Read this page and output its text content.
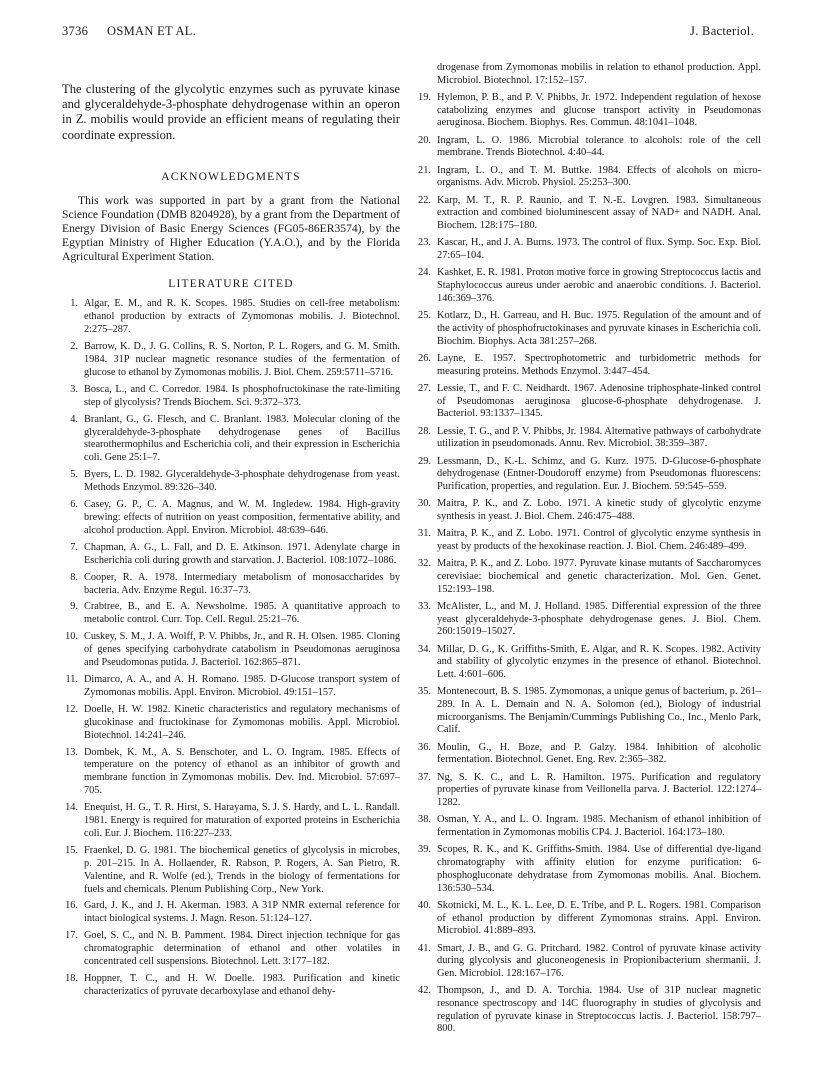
3736 OSMAN ET AL.	J. Bacteriol.

The clustering of the glycolytic enzymes such as pyruvate kinase and glyceraldehyde-3-phosphate dehydrogenase within an operon in Z. mobilis would provide an efficient means of regulating their coordinate expression.

ACKNOWLEDGMENTS

This work was supported in part by a grant from the National Science Foundation (DMB 8204928), by a grant from the Department of Energy Division of Basic Energy Sciences (FG05-86ER3574), by the Egyptian Ministry of Higher Education (Y.A.O.), and by the Florida Agricultural Experiment Station.

LITERATURE CITED
1. Algar, E. M., and R. K. Scopes. 1985. Studies on cell-free metabolism: ethanol production by extracts of Zymomonas mobilis. J. Biotechnol. 2:275–287.
2. Barrow, K. D., J. G. Collins, R. S. Norton, P. L. Rogers, and G. M. Smith. 1984. 31P nuclear magnetic resonance studies of the fermentation of glucose to ethanol by Zymomonas mobilis. J. Biol. Chem. 259:5711–5716.
3. Bosca, L., and C. Corredor. 1984. Is phosphofructokinase the rate-limiting step of glycolysis? Trends Biochem. Sci. 9:372–373.
4. Branlant, G., G. Flesch, and C. Branlant. 1983. Molecular cloning of the glyceraldehyde-3-phosphate dehydrogenase genes of Bacillus stearothermophilus and Escherichia coli, and their expression in Escherichia coli. Gene 25:1–7.
5. Byers, L. D. 1982. Glyceraldehyde-3-phosphate dehydrogenase from yeast. Methods Enzymol. 89:326–340.
6. Casey, G. P., C. A. Magnus, and W. M. Ingledew. 1984. High-gravity brewing: effects of nutrition on yeast composition, fermentative ability, and alcohol production. Appl. Environ. Microbiol. 48:639–646.
7. Chapman, A. G., L. Fall, and D. E. Atkinson. 1971. Adenylate charge in Escherichia coli during growth and starvation. J. Bacteriol. 108:1072–1086.
8. Cooper, R. A. 1978. Intermediary metabolism of monosaccharides by bacteria. Adv. Enzyme Regul. 16:37–73.
9. Crabtree, B., and E. A. Newsholme. 1985. A quantitative approach to metabolic control. Curr. Top. Cell. Regul. 25:21–76.
10. Cuskey, S. M., J. A. Wolff, P. V. Phibbs, Jr., and R. H. Olsen. 1985. Cloning of genes specifying carbohydrate catabolism in Pseudomonas aeruginosa and Pseudomonas putida. J. Bacteriol. 162:865–871.
11. Dimarco, A. A., and A. H. Romano. 1985. D-Glucose transport system of Zymomonas mobilis. Appl. Environ. Microbiol. 49:151–157.
12. Doelle, H. W. 1982. Kinetic characteristics and regulatory mechanisms of glucokinase and fructokinase for Zymomonas mobilis. Appl. Microbiol. Biotechnol. 14:241–246.
13. Dombek, K. M., A. S. Benschoter, and L. O. Ingram. 1985. Effects of temperature on the potency of ethanol as an inhibitor of growth and membrane function in Zymomonas mobilis. Dev. Ind. Microbiol. 57:697–705.
14. Enequist, H. G., T. R. Hirst, S. Harayama, S. J. S. Hardy, and L. L. Randall. 1981. Energy is required for maturation of exported proteins in Escherichia coli. Eur. J. Biochem. 116:227–233.
15. Fraenkel, D. G. 1981. The biochemical genetics of glycolysis in microbes, p. 201–215. In A. Hollaender, R. Rabson, P. Rogers, A. San Pietro, R. Valentine, and R. Wolfe (ed.), Trends in the biology of fermentations for fuels and chemicals. Plenum Publishing Corp., New York.
16. Gard, J. K., and J. H. Akerman. 1983. A 31P NMR external reference for intact biological systems. J. Magn. Reson. 51:124–127.
17. Goel, S. C., and N. B. Pamment. 1984. Direct injection technique for gas chromatographic determination of ethanol and other volatiles in concentrated cell suspensions. Biotechnol. Lett. 3:177–182.
18. Hoppner, T. C., and H. W. Doelle. 1983. Purification and kinetic characterizatics of pyruvate decarboxylase and ethanol dehy-
drogenase from Zymomonas mobilis in relation to ethanol production. Appl. Microbiol. Biotechnol. 17:152–157.
19. Hylemon, P. B., and P. V. Phibbs, Jr. 1972. Independent regulation of hexose catabolizing enzymes and glucose transport activity in Pseudomonas aeruginosa. Biochem. Biophys. Res. Commun. 48:1041–1048.
20. Ingram, L. O. 1986. Microbial tolerance to alcohols: role of the cell membrane. Trends Biotechnol. 4:40–44.
21. Ingram, L. O., and T. M. Buttke. 1984. Effects of alcohols on micro-organisms. Adv. Microb. Physiol. 25:253–300.
22. Karp, M. T., R. P. Raunio, and T. N.-E. Lovgren. 1983. Simultaneous extraction and combined bioluminescent assay of NAD+ and NADH. Anal. Biochem. 128:175–180.
23. Kascar, H., and J. A. Burns. 1973. The control of flux. Symp. Soc. Exp. Biol. 27:65–104.
24. Kashket, E. R. 1981. Proton motive force in growing Streptococcus lactis and Staphylococcus aureus under aerobic and anaerobic conditions. J. Bacteriol. 146:369–376.
25. Kotlarz, D., H. Garreau, and H. Buc. 1975. Regulation of the amount and of the activity of phosphofructokinases and pyruvate kinases in Escherichia coli. Biochim. Biophys. Acta 381:257–268.
26. Layne, E. 1957. Spectrophotometric and turbidometric methods for measuring proteins. Methods Enzymol. 3:447–454.
27. Lessie, T., and F. C. Neidhardt. 1967. Adenosine triphosphate-linked control of Pseudomonas aeruginosa glucose-6-phosphate dehydrogenase. J. Bacteriol. 93:1337–1345.
28. Lessie, T. G., and P. V. Phibbs, Jr. 1984. Alternative pathways of carbohydrate utilization in pseudomonads. Annu. Rev. Microbiol. 38:359–387.
29. Lessmann, D., K.-L. Schimz, and G. Kurz. 1975. D-Glucose-6-phosphate dehydrogenase (Entner-Doudoroff enzyme) from Pseudomonas fluorescens: Purification, properties, and regulation. Eur. J. Biochem. 59:545–559.
30. Maitra, P. K., and Z. Lobo. 1971. A kinetic study of glycolytic enzyme synthesis in yeast. J. Biol. Chem. 246:475–488.
31. Maitra, P. K., and Z. Lobo. 1971. Control of glycolytic enzyme synthesis in yeast by products of the hexokinase reaction. J. Biol. Chem. 246:489–499.
32. Maitra, P. K., and Z. Lobo. 1977. Pyruvate kinase mutants of Saccharomyces cerevisiae: biochemical and genetic characterization. Mol. Gen. Genet. 152:193–198.
33. McAlister, L., and M. J. Holland. 1985. Differential expression of the three yeast glyceraldehyde-3-phosphate dehydrogenase genes. J. Biol. Chem. 260:15019–15027.
34. Millar, D. G., K. Griffiths-Smith, E. Algar, and R. K. Scopes. 1982. Activity and stability of glycolytic enzymes in the presence of ethanol. Biotechnol. Lett. 4:601–606.
35. Montenecourt, B. S. 1985. Zymomonas, a unique genus of bacterium, p. 261–289. In A. L. Demain and N. A. Solomon (ed.), Biology of industrial microorganisms. The Benjamin/Cummings Publishing Co., Inc., Menlo Park, Calif.
36. Moulin, G., H. Boze, and P. Galzy. 1984. Inhibition of alcoholic fermentation. Biotechnol. Genet. Eng. Rev. 2:365–382.
37. Ng, S. K. C., and L. R. Hamilton. 1975. Purification and regulatory properties of pyruvate kinase from Veillonella parva. J. Bacteriol. 122:1274–1282.
38. Osman, Y. A., and L. O. Ingram. 1985. Mechanism of ethanol inhibition of fermentation in Zymomonas mobilis CP4. J. Bacteriol. 164:173–180.
39. Scopes, R. K., and K. Griffiths-Smith. 1984. Use of differential dye-ligand chromatography with affinity elution for enzyme purification: 6-phosphogluconate dehydratase from Zymomonas mobilis. Anal. Biochem. 136:530–534.
40. Skotnicki, M. L., K. L. Lee, D. E. Tribe, and P. L. Rogers. 1981. Comparison of ethanol production by different Zymomonas strains. Appl. Environ. Microbiol. 41:889–893.
41. Smart, J. B., and G. G. Pritchard. 1982. Control of pyruvate kinase activity during glycolysis and gluconeogenesis in Propionibacterium shermanii. J. Gen. Microbiol. 128:167–176.
42. Thompson, J., and D. A. Torchia. 1984. Use of 31P nuclear magnetic resonance spectroscopy and 14C fluorography in studies of glycolysis and regulation of pyruvate kinase in Streptococcus lactis. J. Bacteriol. 158:797–800.
